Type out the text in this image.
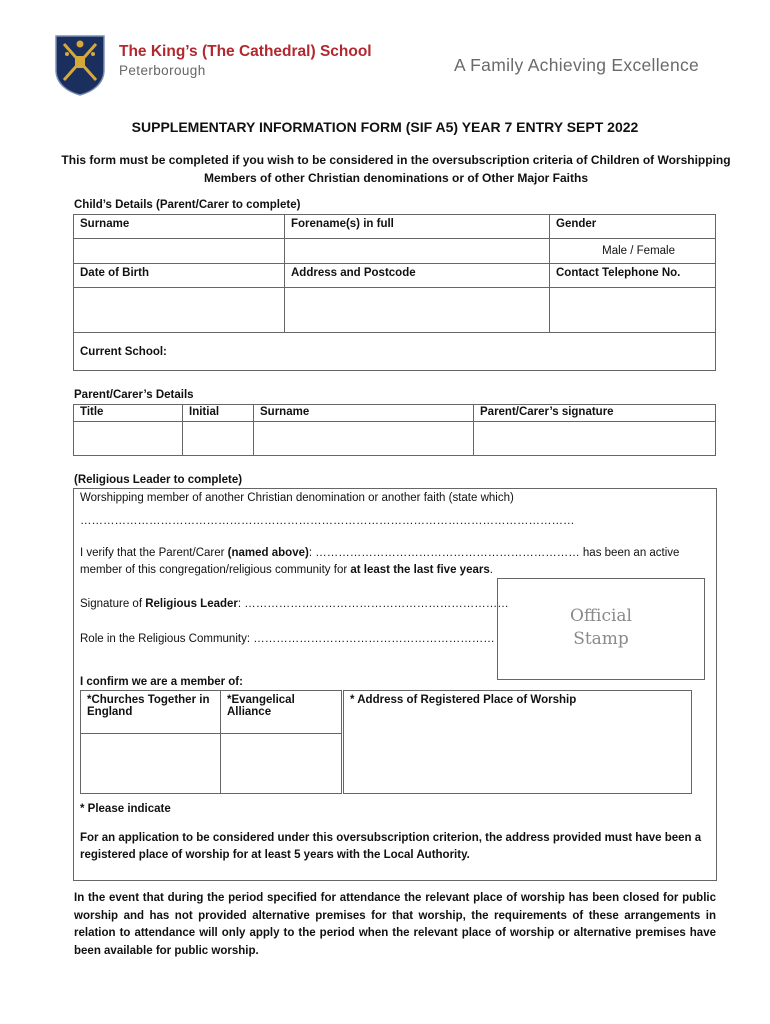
The King’s (The Cathedral) School
Peterborough	A Family Achieving Excellence
SUPPLEMENTARY INFORMATION FORM (SIF A5) YEAR 7 ENTRY SEPT 2022
This form must be completed if you wish to be considered in the oversubscription criteria of Children of Worshipping Members of other Christian denominations or of Other Major Faiths
Child’s Details (Parent/Carer to complete)
Surname	Forename(s) in full	Gender
		Male / Female
Date of Birth	Address and Postcode	Contact Telephone No.

Current School:		
Parent/Carer’s Details
Title	Initial	Surname	Parent/Carer’s signature

(Religious Leader to complete)
Worshipping member of another Christian denomination or another faith (state which)
…………………………………………………………………………………………………………………
I verify that the Parent/Carer (named above): …………………………………………………………… has been an active
member of this congregation/religious community for at least the last five years.
Signature of Religious Leader: ……………………………………………………………
Role in the Religious Community: ………………………………………………………
Official
Stamp
I confirm we are a member of:
*Churches Together in England	*Evangelical Alliance	* Address of Registered Place of Worship

* Please indicate
For an application to be considered under this oversubscription criterion, the address provided must have been a registered place of worship for at least 5 years with the Local Authority.
In the event that during the period specified for attendance the relevant place of worship has been closed for public worship and has not provided alternative premises for that worship, the requirements of these arrangements in relation to attendance will only apply to the period when the relevant place of worship or alternative premises have been available for public worship.
